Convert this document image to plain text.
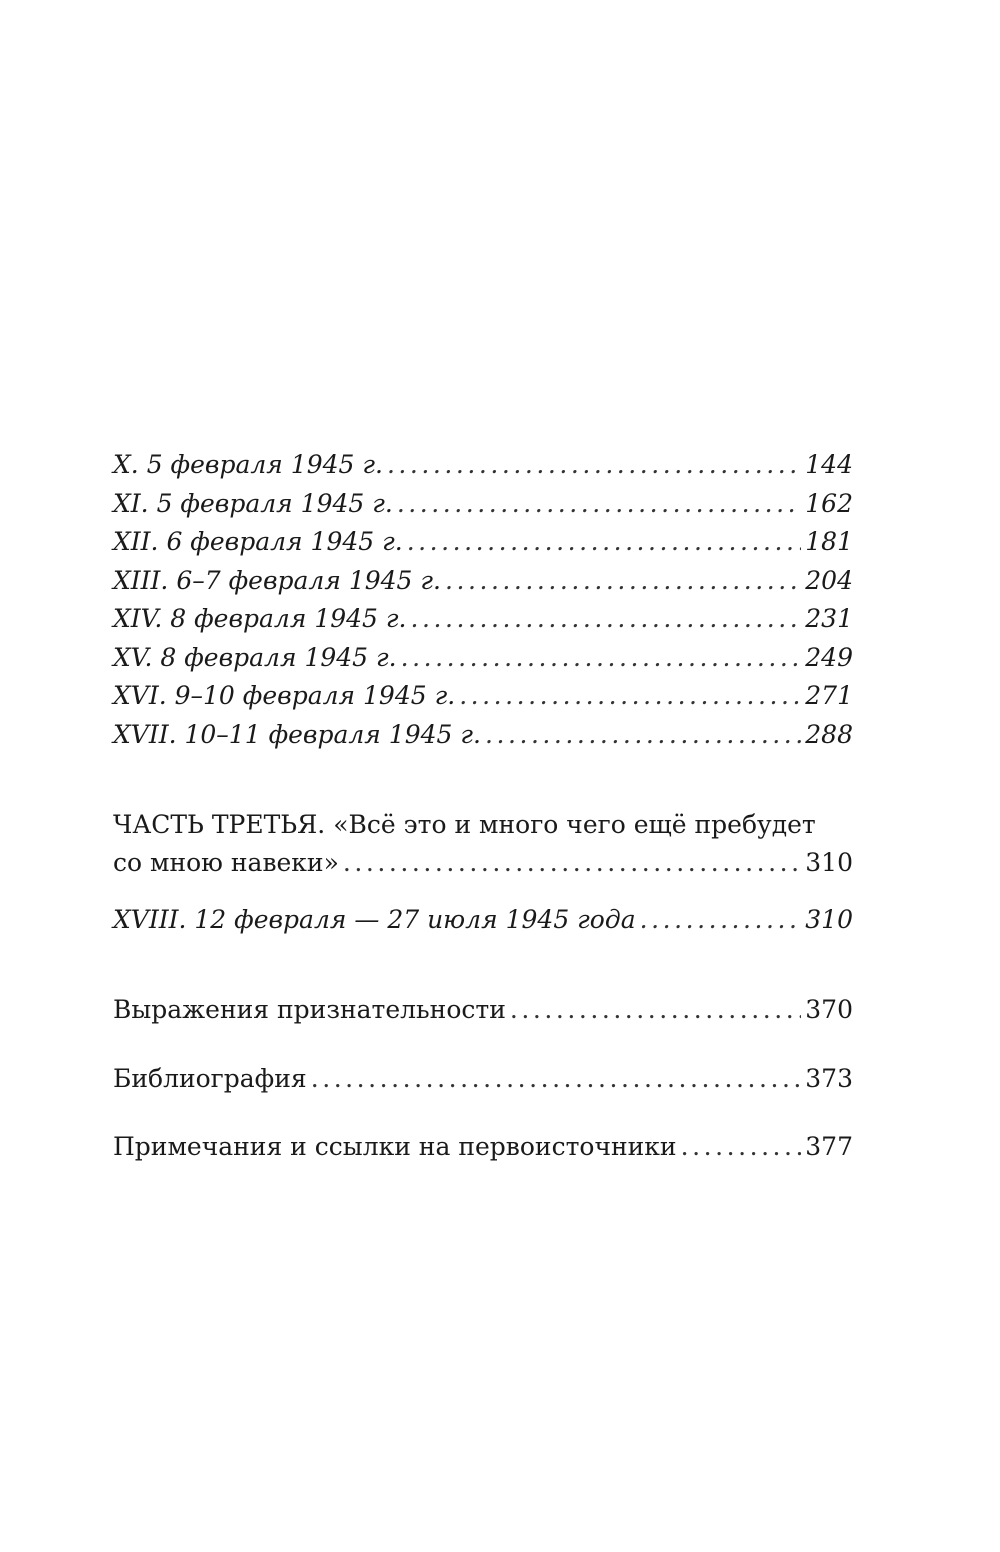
X. 5 февраля 1945 г. . . .	144
XI. 5 февраля 1945 г. . . .	162
XII. 6 февраля 1945 г. . . .	181
XIII. 6–7 февраля 1945 г. . . .	204
XIV. 8 февраля 1945 г. . . .	231
XV. 8 февраля 1945 г. . . .	249
XVI. 9–10 февраля 1945 г. . . .	271
XVII. 10–11 февраля 1945 г. . . .	288
ЧАСТЬ ТРЕТЬЯ. «Всё это и много чего ещё пребудет
со мною навеки» . . .	310
XVIII. 12 февраля — 27 июля 1945 года . . .	310
Выражения признательности . . .	370
Библиография . . .	373
Примечания и ссылки на первоисточники . . .	377
